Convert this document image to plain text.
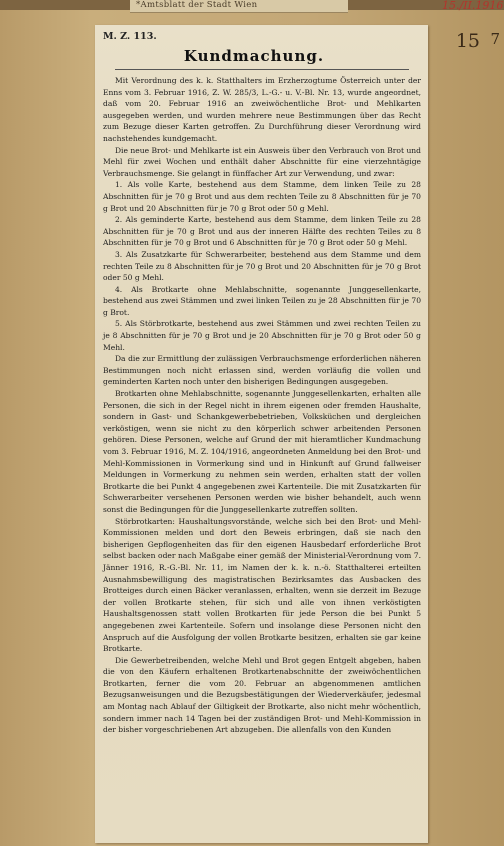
15 7
*Amtsblatt der Stadt Wien	15./II.1916
M. Z. 113.
Kundmachung.

Mit Verordnung des k. k. Statthalters im Erzherzogtume Österreich unter der Enns vom 3. Februar 1916, Z. W. 285/3, L.-G.- u. V.-Bl. Nr. 13, wurde angeordnet, daß vom 20. Februar 1916 an zweiwöchentliche Brot- und Mehlkarten ausgegeben werden, und wurden mehrere neue Bestimmungen über das Recht zum Bezuge dieser Karten getroffen. Zu Durchführung dieser Verordnung wird nachstehendes kundgemacht.

Die neue Brot- und Mehlkarte ist ein Ausweis über den Verbrauch von Brot und Mehl für zwei Wochen und enthält daher Abschnitte für eine vierzehntägige Verbrauchsmenge. Sie gelangt in fünffacher Art zur Verwendung, und zwar:

1. Als volle Karte, bestehend aus dem Stamme, dem linken Teile zu 28 Abschnitten für je 70 g Brot und aus dem rechten Teile zu 8 Abschnitten für je 70 g Brot und 20 Abschnitten für je 70 g Brot oder 50 g Mehl.

2. Als geminderte Karte, bestehend aus dem Stamme, dem linken Teile zu 28 Abschnitten für je 70 g Brot und aus der inneren Hälfte des rechten Teiles zu 8 Abschnitten für je 70 g Brot und 6 Abschnitten für je 70 g Brot oder 50 g Mehl.

3. Als Zusatzkarte für Schwerarbeiter, bestehend aus dem Stamme und dem rechten Teile zu 8 Abschnitten für je 70 g Brot und 20 Abschnitten für je 70 g Brot oder 50 g Mehl.

4. Als Brotkarte ohne Mehlabschnitte, sogenannte Junggesellenkarte, bestehend aus zwei Stämmen und zwei linken Teilen zu je 28 Abschnitten für je 70 g Brot.

5. Als Störbrotkarte, bestehend aus zwei Stämmen und zwei rechten Teilen zu je 8 Abschnitten für je 70 g Brot und je 20 Abschnitten für je 70 g Brot oder 50 g Mehl.

Da die zur Ermittlung der zulässigen Verbrauchsmenge erforderlichen näheren Bestimmungen noch nicht erlassen sind, werden vorläufig die vollen und geminderten Karten noch unter den bisherigen Bedingungen ausgegeben.

Brotkarten ohne Mehlabschnitte, sogenannte Junggesellenkarten, erhalten alle Personen, die sich in der Regel nicht in ihrem eigenen oder fremden Haushalte, sondern in Gast- und Schankgewerbebetrieben, Volksküchen und dergleichen verköstigen, wenn sie nicht zu den körperlich schwer arbeitenden Personen gehören. Diese Personen, welche auf Grund der mit hieramtlicher Kundmachung vom 3. Februar 1916, M. Z. 104/1916, angeordneten Anmeldung bei den Brot- und Mehl-Kommissionen in Vormerkung sind und in Hinkunft auf Grund fallweiser Meldungen in Vormerkung zu nehmen sein werden, erhalten statt der vollen Brotkarte die bei Punkt 4 angegebenen zwei Kartenteile. Die mit Zusatzkarten für Schwerarbeiter versehenen Personen werden wie bisher behandelt, auch wenn sonst die Bedingungen für die Junggesellenkarte zutreffen sollten.

Störbrotkarten: Haushaltungsvorstände, welche sich bei den Brot- und Mehl-Kommissionen melden und dort den Beweis erbringen, daß sie nach den bisherigen Gepflogenheiten das für den eigenen Hausbedarf erforderliche Brot selbst backen oder nach Maßgabe einer gemäß der Ministerial-Verordnung vom 7. Jänner 1916, R.-G.-Bl. Nr. 11, im Namen der k. k. n.-ö. Statthalterei erteilten Ausnahmsbewilligung des magistratischen Bezirksamtes das Ausbacken des Brotteiges durch einen Bäcker veranlassen, erhalten, wenn sie derzeit im Bezuge der vollen Brotkarte stehen, für sich und alle von ihnen verköstigten Haushaltsgenossen statt vollen Brotkarten für jede Person die bei Punkt 5 angegebenen zwei Kartenteile. Sofern und insolange diese Personen nicht den Anspruch auf die Ausfolgung der vollen Brotkarte besitzen, erhalten sie gar keine Brotkarte.

Die Gewerbetreibenden, welche Mehl und Brot gegen Entgelt abgeben, haben die von den Käufern erhaltenen Brotkartenabschnitte der zweiwöchentlichen Brotkarten, ferner die vom 20. Februar an abgenommenen amtlichen Bezugsanweisungen und die Bezugsbestätigungen der Wiederverkäufer, jedesmal am Montag nach Ablauf der Giltigkeit der Brotkarte, also nicht mehr wöchentlich, sondern immer nach 14 Tagen bei der zuständigen Brot- und Mehl-Kommission in der bisher vorgeschriebenen Art abzugeben. Die allenfalls von den Kunden
